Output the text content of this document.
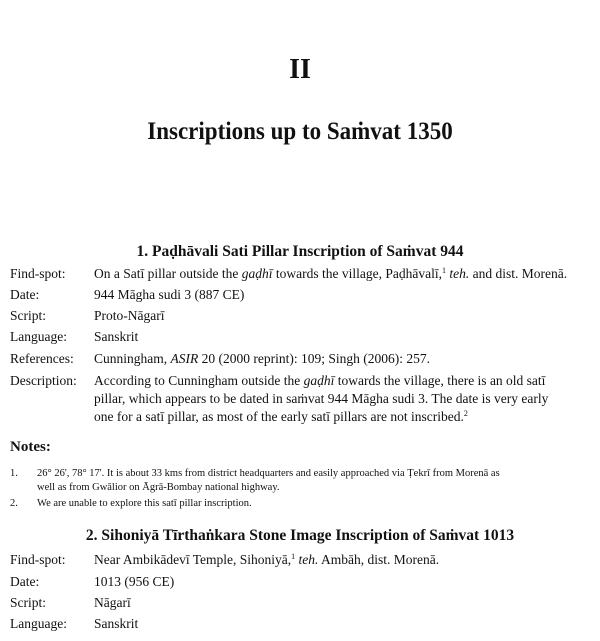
II
Inscriptions up to Saṁvat 1350
1. Paḍhāvali Sati Pillar Inscription of Saṁvat 944
Find-spot: On a Satī pillar outside the gaḍhī towards the village, Paḍhāvalī,$^1$ teh. and dist. Morenā.
Date:	944 Māgha sudi 3 (887 CE)
Script:	Proto-Nāgarī
Language: Sanskrit
References: Cunningham, ASIR 20 (2000 reprint): 109; Singh (2006): 257.
Description: According to Cunningham outside the gaḍhī towards the village, there is an old satī
pillar, which appears to be dated in saṁvat 944 Māgha sudi 3. The date is very early
one for a satī pillar, as most of the early satī pillars are not inscribed.$^2$
Notes:
1. 26° 26', 78° 17'. It is about 33 kms from district headquarters and easily approached via Ṭekrī from Morenā as
well as from Gwālior on Āgrā-Bombay national highway.
2. We are unable to explore this satī pillar inscription.
2. Sihoniyā Tīrthaṅkara Stone Image Inscription of Saṁvat 1013
Find-spot: Near Ambikādevī Temple, Sihoniyā,$^1$ teh. Ambāh, dist. Morenā.
Date:	1013 (956 CE)
Script:	Nāgarī
Language: Sanskrit
